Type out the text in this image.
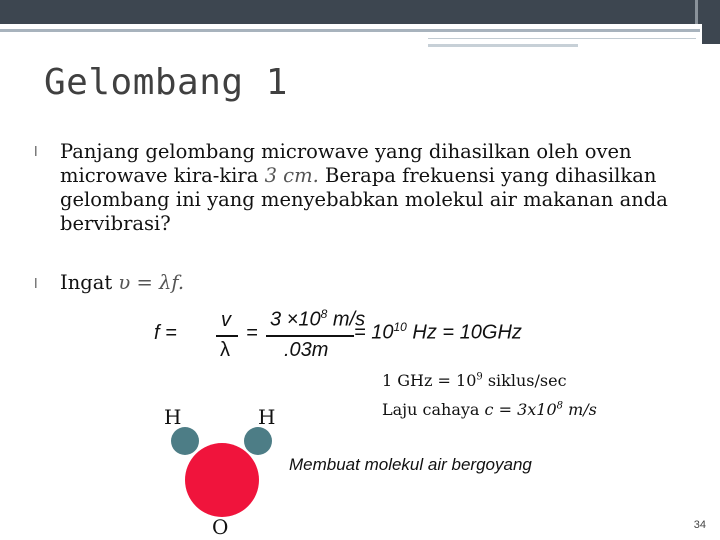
Gelombang 1
l Panjang gelombang microwave yang dihasilkan oleh oven microwave kira-kira 3 cm. Berapa frekuensi yang dihasilkan gelombang ini yang menyebabkan molekul air makanan anda bervibrasi?
l Ingat υ = λf.
f =
v
λ
=
$3 \times 10^8$ m/s
.03m
= $10^{10}$ Hz = 10GHz
1 GHz = $10^9$ siklus/sec
Laju cahaya $c = 3x10^8$ m/s
H	H
O
Membuat molekul air bergoyang
34
